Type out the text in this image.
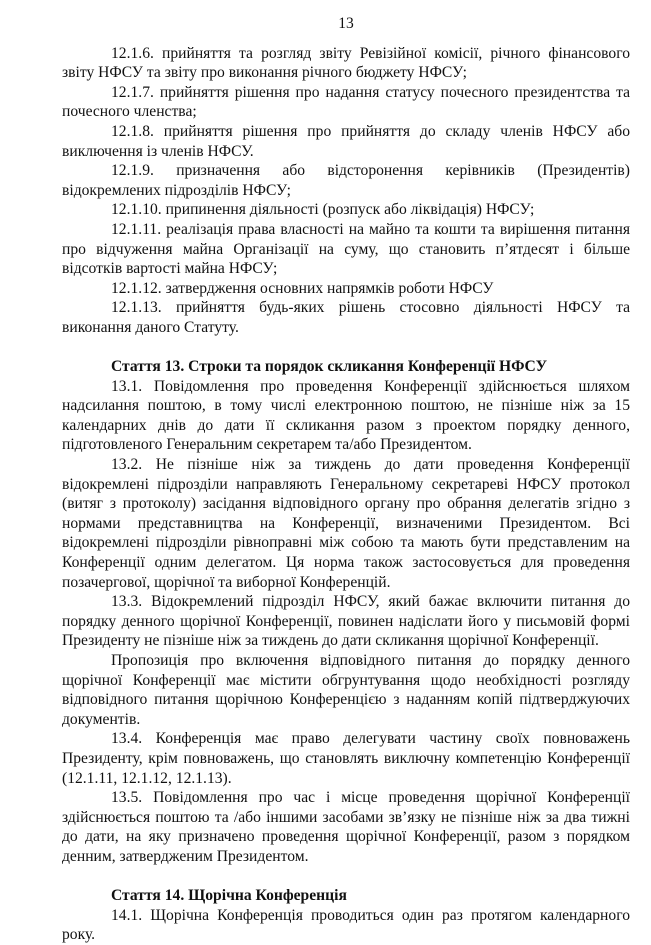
13

12.1.6. прийняття та розгляд звіту Ревізійної комісії, річного фінансового звіту НФСУ та звіту про виконання річного бюджету НФСУ;

12.1.7. прийняття рішення про надання статусу почесного президентства та почесного членства;

12.1.8. прийняття рішення про прийняття до складу членів НФСУ або виключення із членів НФСУ.

12.1.9. призначення або відсторонення керівників (Президентів) відокремлених підрозділів НФСУ;

12.1.10. припинення діяльності (розпуск або ліквідація) НФСУ;

12.1.11. реалізація права власності на майно та кошти та вирішення питання про відчуження майна Організації на суму, що становить п’ятдесят і більше відсотків вартості майна НФСУ;

12.1.12. затвердження основних напрямків роботи НФСУ

12.1.13. прийняття будь-яких рішень стосовно діяльності НФСУ та виконання даного Статуту.

Стаття 13. Строки та порядок скликання Конференції НФСУ

13.1. Повідомлення про проведення Конференції здійснюється шляхом надсилання поштою, в тому числі електронною поштою, не пізніше ніж за 15 календарних днів до дати її скликання разом з проектом порядку денного, підготовленого Генеральним секретарем та/або Президентом.

13.2. Не пізніше ніж за тиждень до дати проведення Конференції відокремлені підрозділи направляють Генеральному секретареві НФСУ протокол (витяг з протоколу) засідання відповідного органу про обрання делегатів згідно з нормами представництва на Конференції, визначеними Президентом. Всі відокремлені підрозділи рівноправні між собою та мають бути представленим на Конференції одним делегатом. Ця норма також застосовується для проведення позачергової, щорічної та виборної Конференцій.

13.3. Відокремлений підрозділ НФСУ, який бажає включити питання до порядку денного щорічної Конференції, повинен надіслати його у письмовій формі Президенту не пізніше ніж за тиждень до дати скликання щорічної Конференції.

Пропозиція про включення відповідного питання до порядку денного щорічної Конференції має містити обгрунтування щодо необхідності розгляду відповідного питання щорічною Конференцією з наданням копій підтверджуючих документів.

13.4. Конференція має право делегувати частину своїх повноважень Президенту, крім повноважень, що становлять виключну компетенцію Конференції (12.1.11, 12.1.12, 12.1.13).

13.5. Повідомлення про час і місце проведення щорічної Конференції здійснюється поштою та /або іншими засобами зв’язку не пізніше ніж за два тижні до дати, на яку призначено проведення щорічної Конференції, разом з порядком денним, затвердженим Президентом.

Стаття 14. Щорічна Конференція

14.1. Щорічна Конференція проводиться один раз протягом календарного року.
